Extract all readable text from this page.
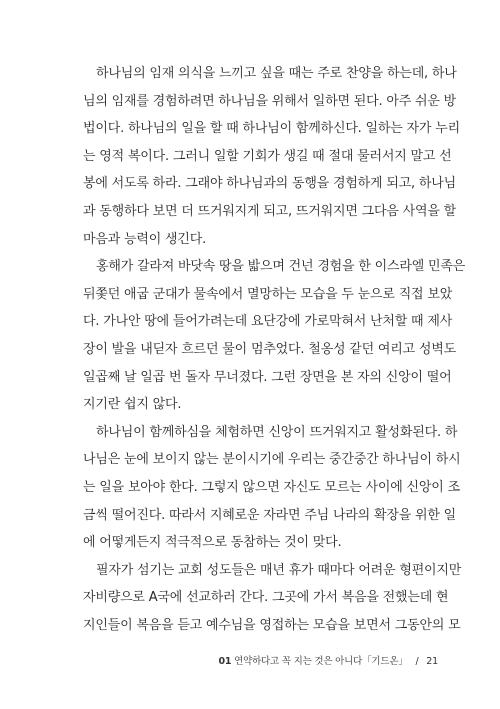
하나님의 임재 의식을 느끼고 싶을 때는 주로 찬양을 하는데, 하나
님의 임재를 경험하려면 하나님을 위해서 일하면 된다. 아주 쉬운 방
법이다. 하나님의 일을 할 때 하나님이 함께하신다. 일하는 자가 누리
는 영적 복이다. 그러니 일할 기회가 생길 때 절대 물러서지 말고 선
봉에 서도록 하라. 그래야 하나님과의 동행을 경험하게 되고, 하나님
과 동행하다 보면 더 뜨거워지게 되고, 뜨거워지면 그다음 사역을 할
마음과 능력이 생긴다.
홍해가 갈라져 바닷속 땅을 밟으며 건넌 경험을 한 이스라엘 민족은
뒤쫓던 애굽 군대가 물속에서 멸망하는 모습을 두 눈으로 직접 보았
다. 가나안 땅에 들어가려는데 요단강에 가로막혀서 난처할 때 제사
장이 발을 내딛자 흐르던 물이 멈추었다. 철옹성 같던 여리고 성벽도
일곱째 날 일곱 번 돌자 무너졌다. 그런 장면을 본 자의 신앙이 떨어
지기란 쉽지 않다.
하나님이 함께하심을 체험하면 신앙이 뜨거워지고 활성화된다. 하
나님은 눈에 보이지 않는 분이시기에 우리는 중간중간 하나님이 하시
는 일을 보아야 한다. 그렇지 않으면 자신도 모르는 사이에 신앙이 조
금씩 떨어진다. 따라서 지혜로운 자라면 주님 나라의 확장을 위한 일
에 어떻게든지 적극적으로 동참하는 것이 맞다.
필자가 섬기는 교회 성도들은 매년 휴가 때마다 어려운 형편이지만
자비량으로 A국에 선교하러 간다. 그곳에 가서 복음을 전했는데 현
지인들이 복음을 듣고 예수님을 영접하는 모습을 보면서 그동안의 모
01 연약하다고 꼭 지는 것은 아니다「기드온」 / 21
